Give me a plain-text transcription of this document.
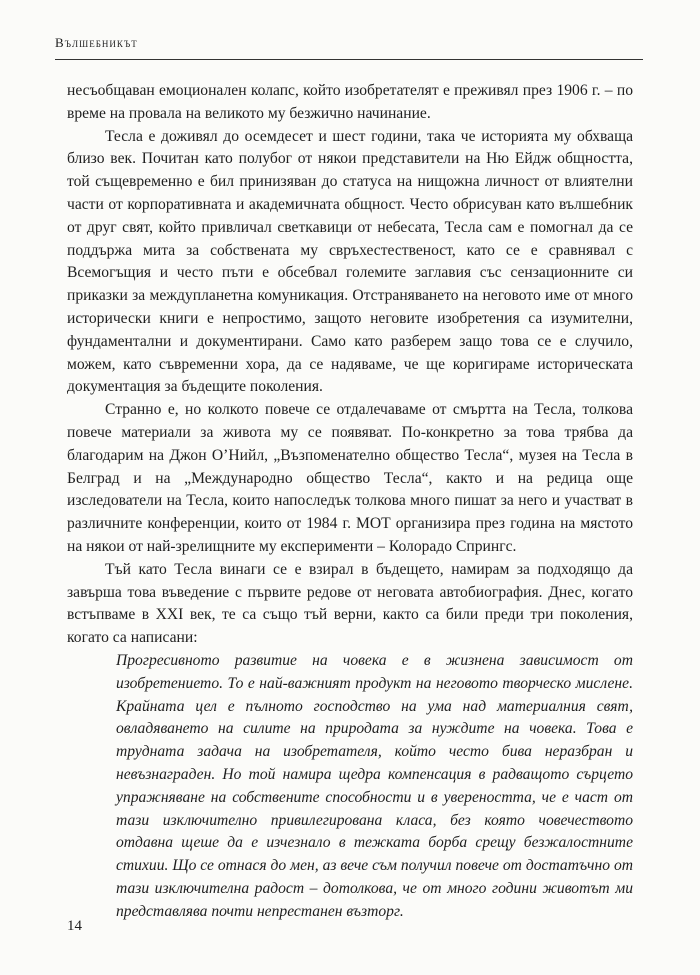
Вълшебникът

несъобщаван емоционален колапс, който изобретателят е преживял през 1906 г. – по време на провала на великото му безжично начинание.

Тесла е доживял до осемдесет и шест години, така че историята му обхваща близо век. Почитан като полубог от някои представители на Ню Ейдж общността, той същевременно е бил принизяван до статуса на нищожна личност от влиятелни части от корпоративната и академичната общност. Често обрисуван като вълшебник от друг свят, който привличал светкавици от небесата, Тесла сам е помогнал да се поддържа мита за собствената му свръхестественост, като се е сравнявал с Всемогъщия и често пъти е обсебвал големите заглавия със сензационните си приказки за междупланетна комуникация. Отстраняването на неговото име от много исторически книги е непростимо, защото неговите изобретения са изумителни, фундаментални и документирани. Само като разберем защо това се е случило, можем, като съвременни хора, да се надяваме, че ще коригираме историческата документация за бъдещите поколения.

Странно е, но колкото повече се отдалечаваме от смъртта на Тесла, толкова повече материали за живота му се появяват. По-конкретно за това трябва да благодарим на Джон О’Нийл, „Възпоменателно общество Тесла“, музея на Тесла в Белград и на „Международно общество Тесла“, както и на редица още изследователи на Тесла, които напоследък толкова много пишат за него и участват в различните конференции, които от 1984 г. МОТ организира през година на мястото на някои от най-зрелищните му експерименти – Колорадо Спрингс.

Тъй като Тесла винаги се е взирал в бъдещето, намирам за подходящо да завърша това въведение с първите редове от неговата автобиография. Днес, когато встъпваме в XXI век, те са също тъй верни, както са били преди три поколения, когато са написани:

Прогресивното развитие на човека е в жизнена зависимост от изобретението. То е най-важният продукт на неговото творческо мислене. Крайната цел е пълното господство на ума над материалния свят, овладяването на силите на природата за нуждите на човека. Това е трудната задача на изобретателя, който често бива неразбран и невъзнаграден. Но той намира щедра компенсация в радващото сърцето упражняване на собствените способности и в увереността, че е част от тази изключително привилегирована класа, без която човечеството отдавна щеше да е изчезнало в тежката борба срещу безжалостните стихии. Що се отнася до мен, аз вече съм получил повече от достатъчно от тази изключителна радост – дотолкова, че от много години животът ми представлява почти непрестанен възторг.

14
